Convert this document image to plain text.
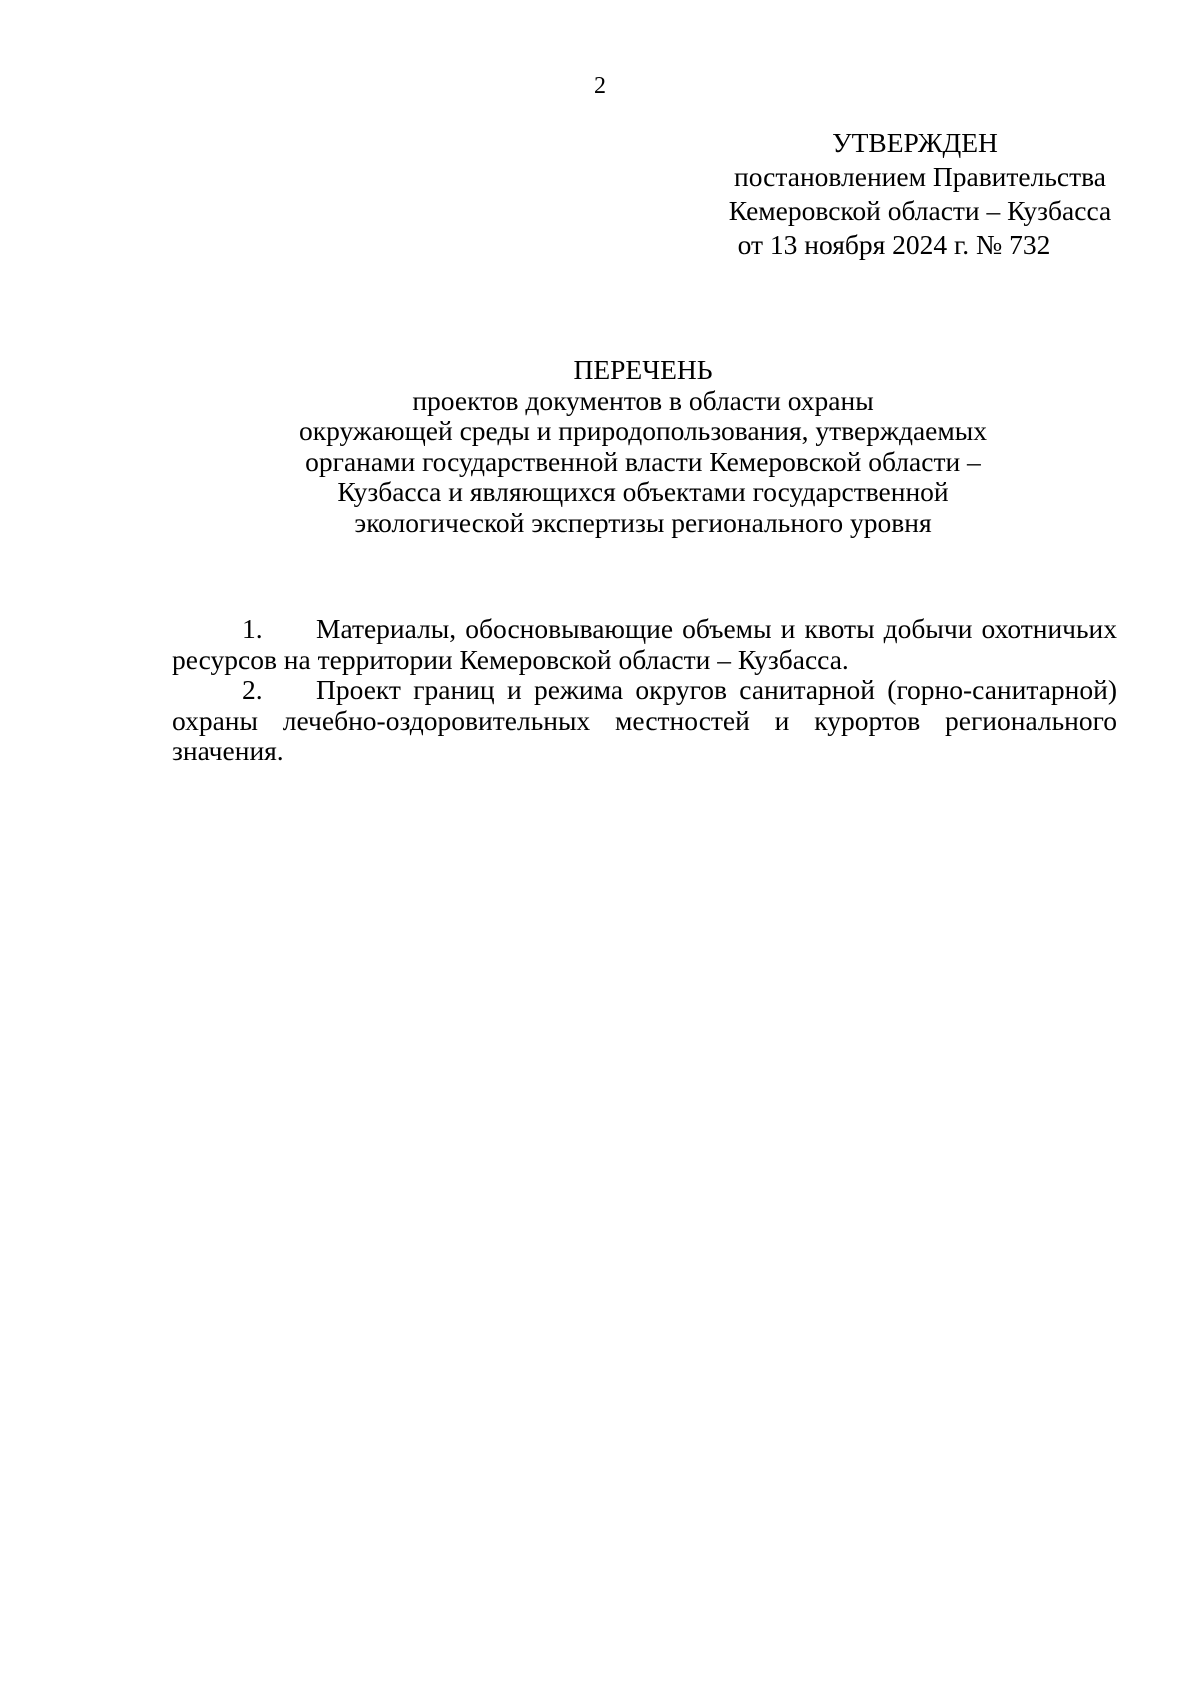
2
УТВЕРЖДЕН
постановлением Правительства
Кемеровской области – Кузбасса
от 13 ноября 2024 г. № 732
ПЕРЕЧЕНЬ
проектов документов в области охраны
окружающей среды и природопользования, утверждаемых
органами государственной власти Кемеровской области –
Кузбасса и являющихся объектами государственной
экологической экспертизы регионального уровня

1. Материалы, обосновывающие объемы и квоты добычи охотничьих ресурсов на территории Кемеровской области – Кузбасса.

2. Проект границ и режима округов санитарной (горно-санитарной) охраны лечебно-оздоровительных местностей и курортов регионального значения.
